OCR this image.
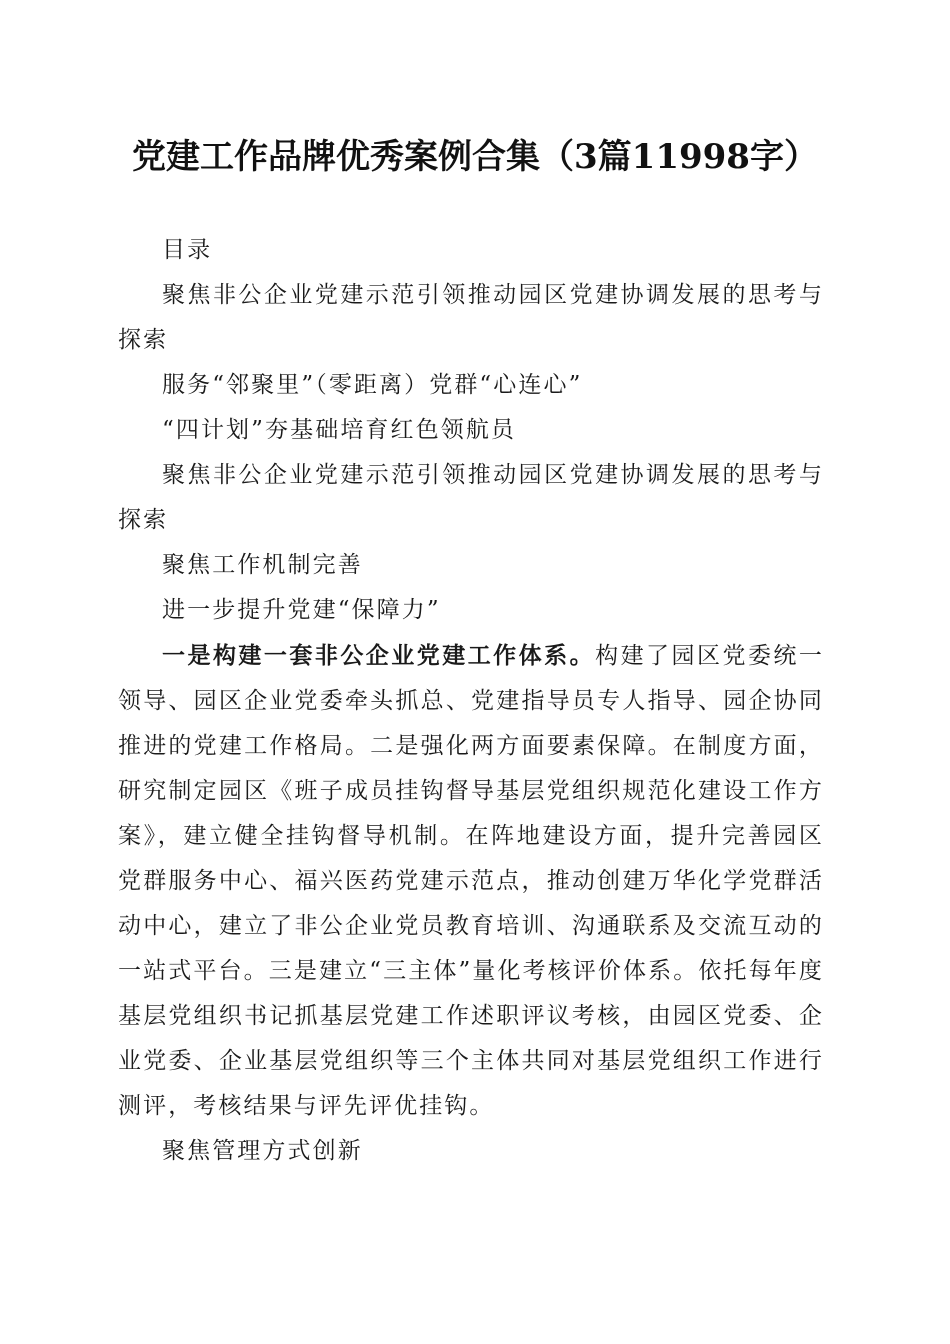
党建工作品牌优秀案例合集（3篇11998字）

目录

聚焦非公企业党建示范引领推动园区党建协调发展的思考与探索

服务“邻聚里”（零距离）党群“心连心”

“四计划”夯基础培育红色领航员

聚焦非公企业党建示范引领推动园区党建协调发展的思考与探索

聚焦工作机制完善

进一步提升党建“保障力”

一是构建一套非公企业党建工作体系。构建了园区党委统一领导、园区企业党委牵头抓总、党建指导员专人指导、园企协同推进的党建工作格局。二是强化两方面要素保障。在制度方面，研究制定园区《班子成员挂钩督导基层党组织规范化建设工作方案》，建立健全挂钩督导机制。在阵地建设方面，提升完善园区党群服务中心、福兴医药党建示范点，推动创建万华化学党群活动中心，建立了非公企业党员教育培训、沟通联系及交流互动的一站式平台。三是建立“三主体”量化考核评价体系。依托每年度基层党组织书记抓基层党建工作述职评议考核，由园区党委、企业党委、企业基层党组织等三个主体共同对基层党组织工作进行测评，考核结果与评先评优挂钩。

聚焦管理方式创新
